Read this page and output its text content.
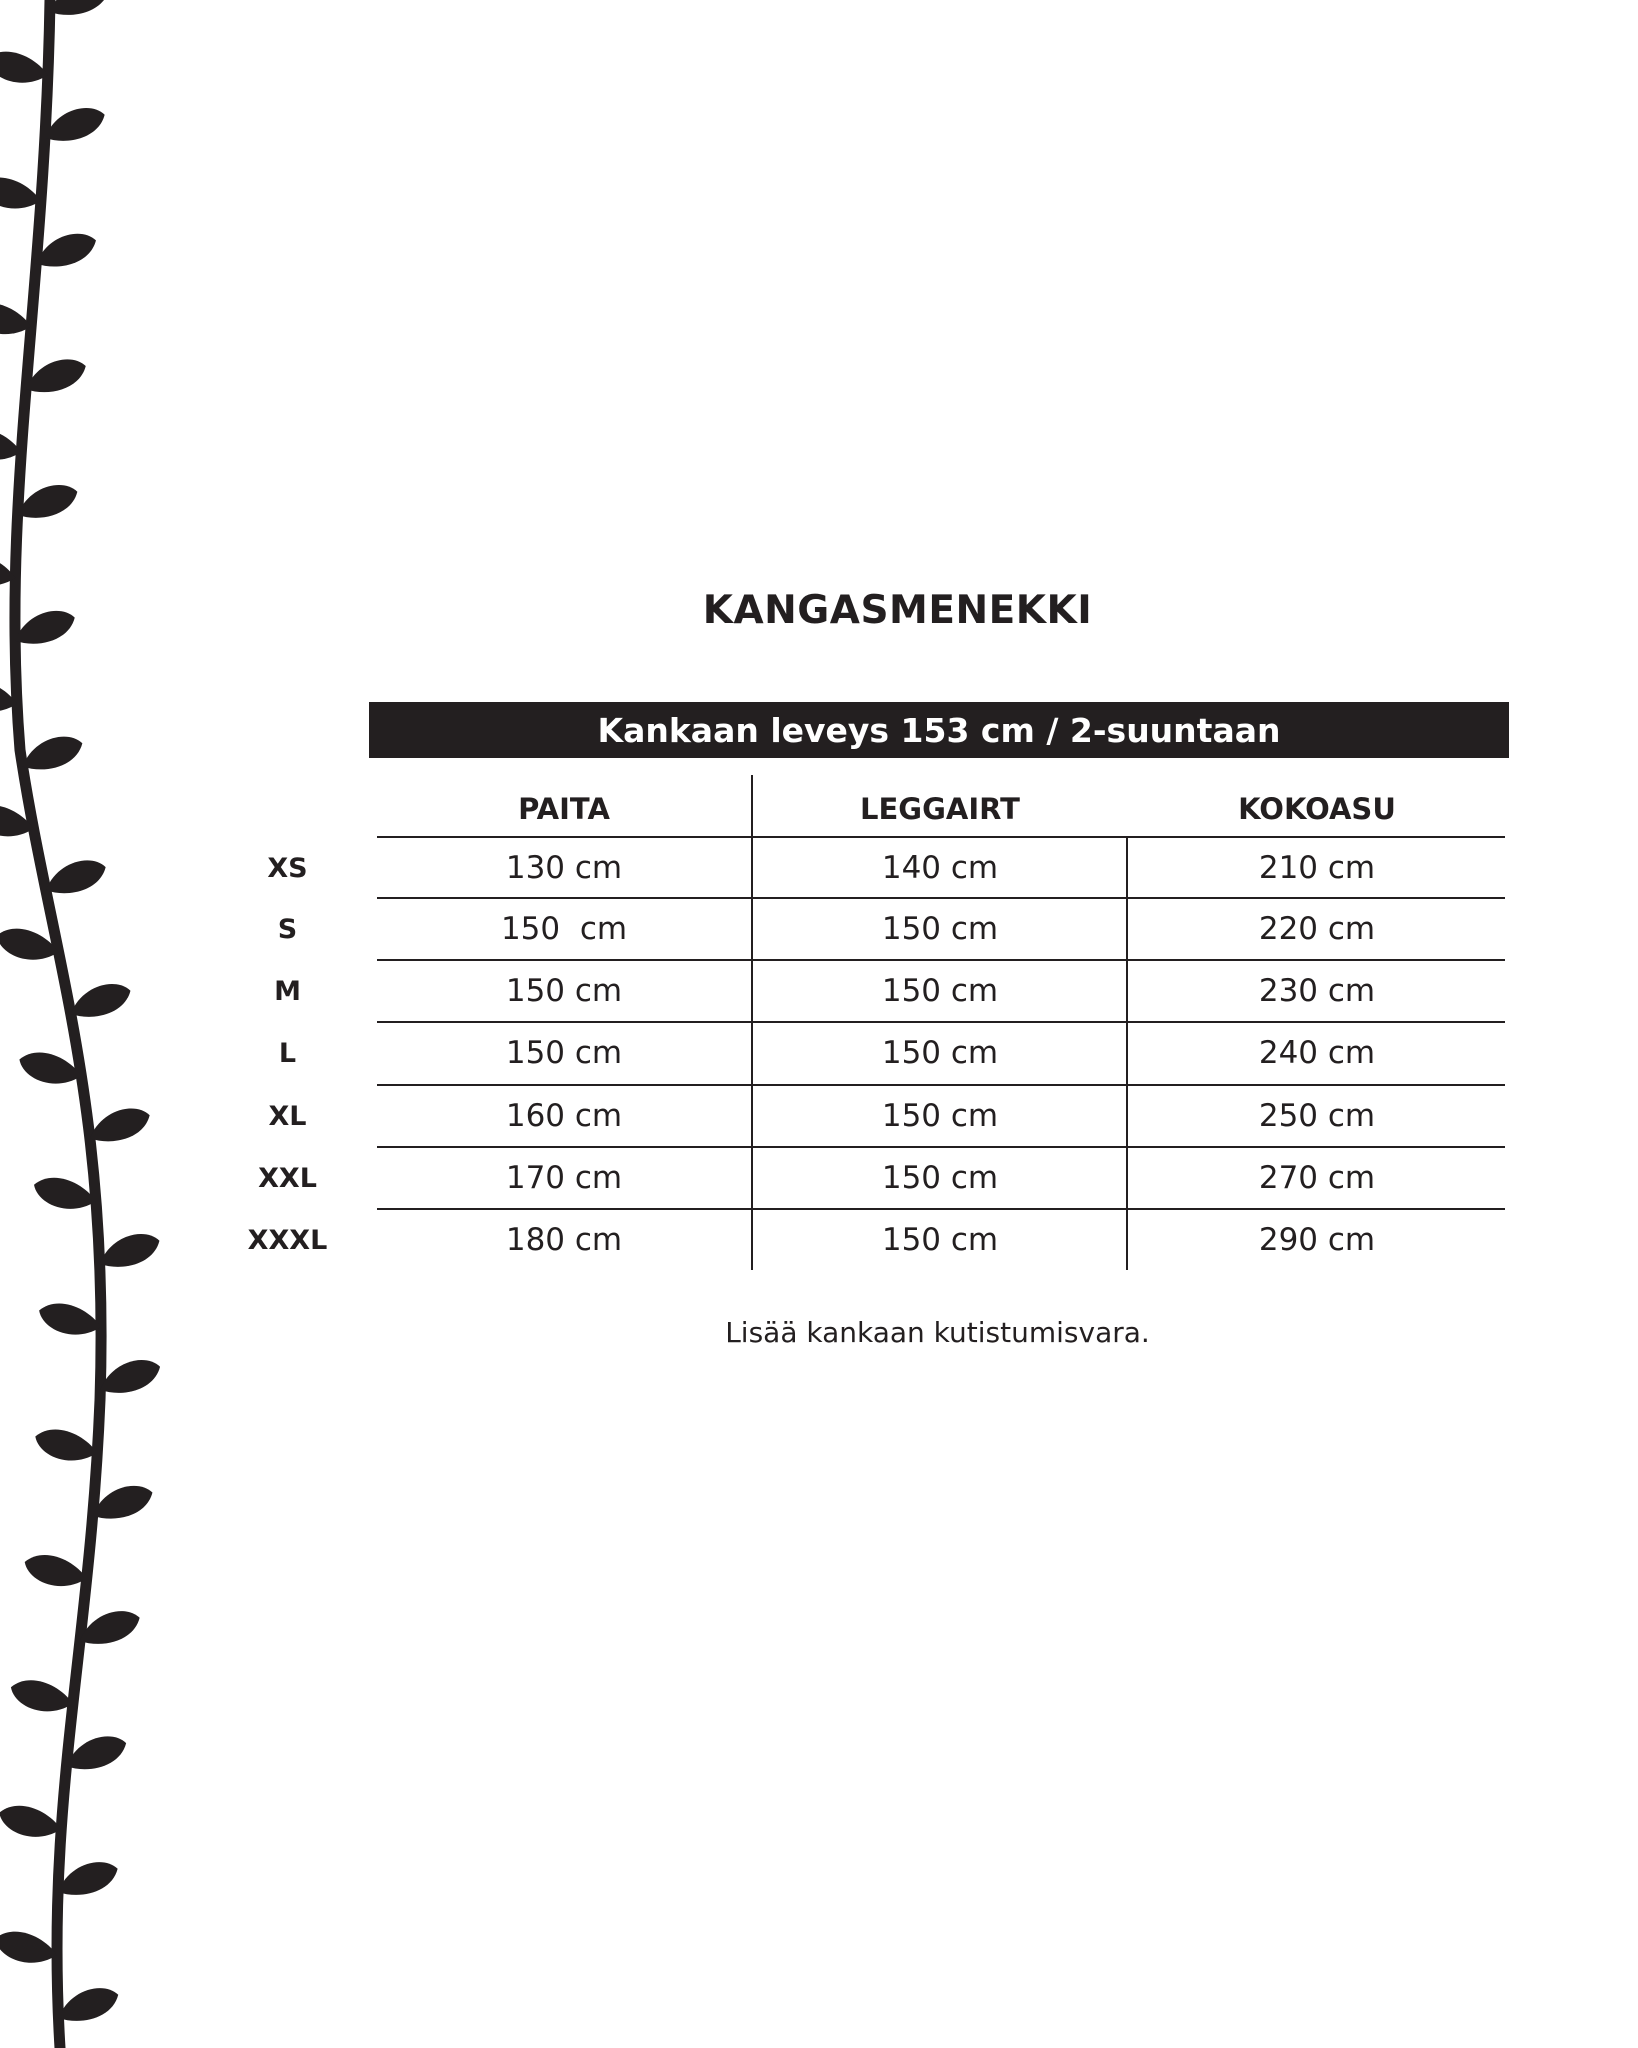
KANGASMENEKKI
Kankaan leveys 153 cm / 2-suuntaan
PAITA	LEGGAIRT	KOKOASU
XS	130 cm	140 cm	210 cm
S	150  cm	150 cm	220 cm
M	150 cm	150 cm	230 cm
L	150 cm	150 cm	240 cm
XL	160 cm	150 cm	250 cm
XXL	170 cm	150 cm	270 cm
XXXL	180 cm	150 cm	290 cm
Lisää kankaan kutistumisvara.
